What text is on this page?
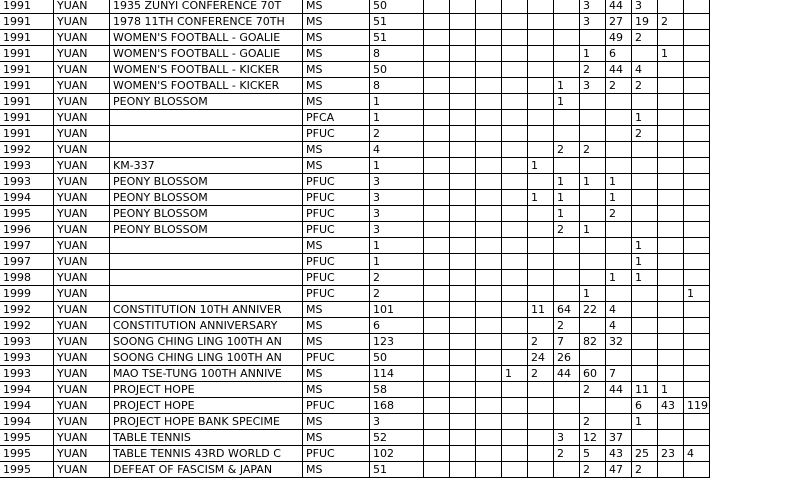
1991	YUAN	1935 ZUNYI CONFERENCE 70T	MS	50							3	44	3		
1991	YUAN	1978 11TH CONFERENCE 70TH	MS	51							3	27	19	2	
1991	YUAN	WOMEN'S FOOTBALL - GOALIE	MS	51								49	2		
1991	YUAN	WOMEN'S FOOTBALL - GOALIE	MS	8							1	6		1	
1991	YUAN	WOMEN'S FOOTBALL - KICKER	MS	50							2	44	4		
1991	YUAN	WOMEN'S FOOTBALL - KICKER	MS	8						1	3	2	2		
1991	YUAN	PEONY BLOSSOM	MS	1						1					
1991	YUAN		PFCA	1									1		
1991	YUAN		PFUC	2									2		
1992	YUAN		MS	4						2	2				
1993	YUAN	KM-337	MS	1					1						
1993	YUAN	PEONY BLOSSOM	PFUC	3						1	1	1			
1994	YUAN	PEONY BLOSSOM	PFUC	3					1	1		1			
1995	YUAN	PEONY BLOSSOM	PFUC	3						1		2			
1996	YUAN	PEONY BLOSSOM	PFUC	3						2	1				
1997	YUAN		MS	1									1		
1997	YUAN		PFUC	1									1		
1998	YUAN		PFUC	2								1	1		
1999	YUAN		PFUC	2							1				1
1992	YUAN	CONSTITUTION 10TH ANNIVER	MS	101					11	64	22	4			
1992	YUAN	CONSTITUTION ANNIVERSARY	MS	6						2		4			
1993	YUAN	SOONG CHING LING 100TH AN	MS	123					2	7	82	32			
1993	YUAN	SOONG CHING LING 100TH AN	PFUC	50					24	26					
1993	YUAN	MAO TSE-TUNG 100TH ANNIVE	MS	114				1	2	44	60	7			
1994	YUAN	PROJECT HOPE	MS	58							2	44	11	1	
1994	YUAN	PROJECT HOPE	PFUC	168									6	43	119
1994	YUAN	PROJECT HOPE BANK SPECIME	MS	3							2		1		
1995	YUAN	TABLE TENNIS	MS	52						3	12	37			
1995	YUAN	TABLE TENNIS 43RD WORLD C	PFUC	102						2	5	43	25	23	4
1995	YUAN	DEFEAT OF FASCISM & JAPAN	MS	51							2	47	2		
